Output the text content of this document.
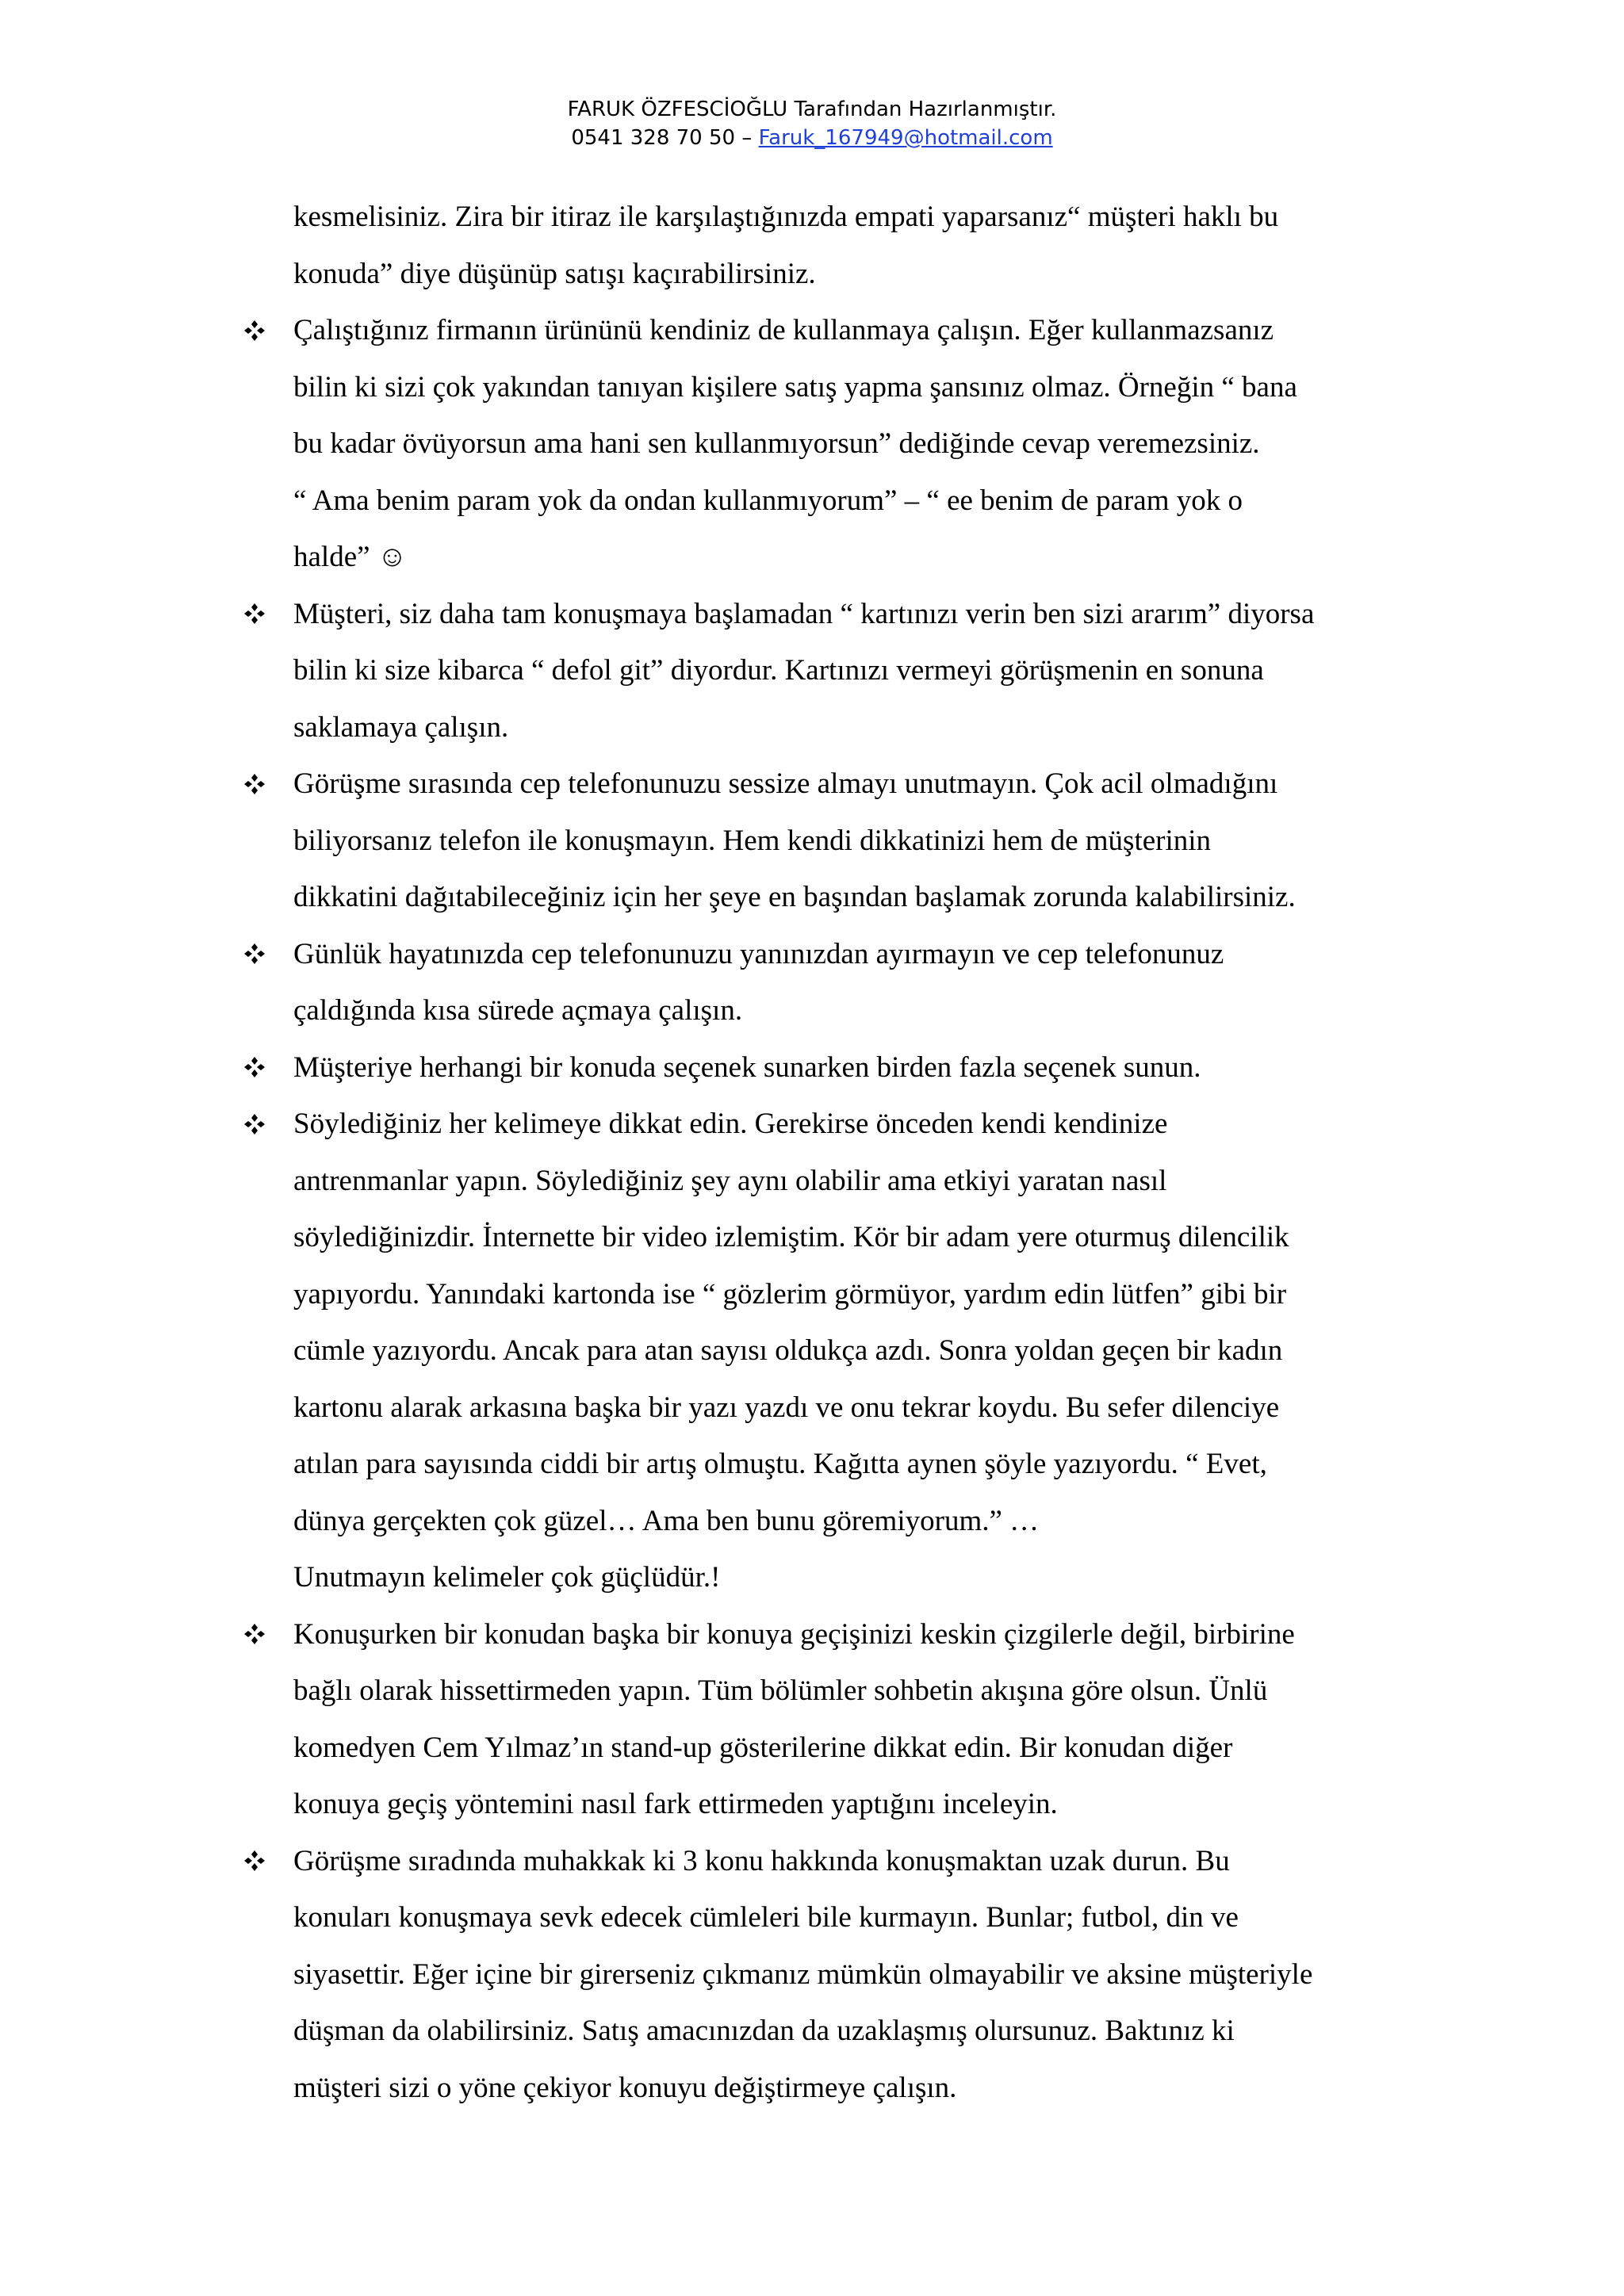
FARUK ÖZFESCİOĞLU Tarafından Hazırlanmıştır.
0541 328 70 50 – Faruk_167949@hotmail.com
kesmelisiniz. Zira bir itiraz ile karşılaştığınızda empati yaparsanız“ müşteri haklı bu
konuda” diye düşünüp satışı kaçırabilirsiniz.
Çalıştığınız firmanın ürününü kendiniz de kullanmaya çalışın. Eğer kullanmazsanız
bilin ki sizi çok yakından tanıyan kişilere satış yapma şansınız olmaz. Örneğin “ bana
bu kadar övüyorsun ama hani sen kullanmıyorsun” dediğinde cevap veremezsiniz.
“ Ama benim param yok da ondan kullanmıyorum” – “ ee benim de param yok o
halde” ☺
Müşteri, siz daha tam konuşmaya başlamadan “ kartınızı verin ben sizi ararım” diyorsa
bilin ki size kibarca “ defol git” diyordur. Kartınızı vermeyi görüşmenin en sonuna
saklamaya çalışın.
Görüşme sırasında cep telefonunuzu sessize almayı unutmayın. Çok acil olmadığını
biliyorsanız telefon ile konuşmayın. Hem kendi dikkatinizi hem de müşterinin
dikkatini dağıtabileceğiniz için her şeye en başından başlamak zorunda kalabilirsiniz.
Günlük hayatınızda cep telefonunuzu yanınızdan ayırmayın ve cep telefonunuz
çaldığında kısa sürede açmaya çalışın.
Müşteriye herhangi bir konuda seçenek sunarken birden fazla seçenek sunun.
Söylediğiniz her kelimeye dikkat edin. Gerekirse önceden kendi kendinize
antrenmanlar yapın. Söylediğiniz şey aynı olabilir ama etkiyi yaratan nasıl
söylediğinizdir. İnternette bir video izlemiştim. Kör bir adam yere oturmuş dilencilik
yapıyordu. Yanındaki kartonda ise “ gözlerim görmüyor, yardım edin lütfen” gibi bir
cümle yazıyordu. Ancak para atan sayısı oldukça azdı. Sonra yoldan geçen bir kadın
kartonu alarak arkasına başka bir yazı yazdı ve onu tekrar koydu. Bu sefer dilenciye
atılan para sayısında ciddi bir artış olmuştu. Kağıtta aynen şöyle yazıyordu. “ Evet,
dünya gerçekten çok güzel… Ama ben bunu göremiyorum.” …
Unutmayın kelimeler çok güçlüdür.!
Konuşurken bir konudan başka bir konuya geçişinizi keskin çizgilerle değil, birbirine
bağlı olarak hissettirmeden yapın. Tüm bölümler sohbetin akışına göre olsun. Ünlü
komedyen Cem Yılmaz’ın stand-up gösterilerine dikkat edin. Bir konudan diğer
konuya geçiş yöntemini nasıl fark ettirmeden yaptığını inceleyin.
Görüşme sıradında muhakkak ki 3 konu hakkında konuşmaktan uzak durun. Bu
konuları konuşmaya sevk edecek cümleleri bile kurmayın. Bunlar; futbol, din ve
siyasettir. Eğer içine bir girerseniz çıkmanız mümkün olmayabilir ve aksine müşteriyle
düşman da olabilirsiniz. Satış amacınızdan da uzaklaşmış olursunuz. Baktınız ki
müşteri sizi o yöne çekiyor konuyu değiştirmeye çalışın.
